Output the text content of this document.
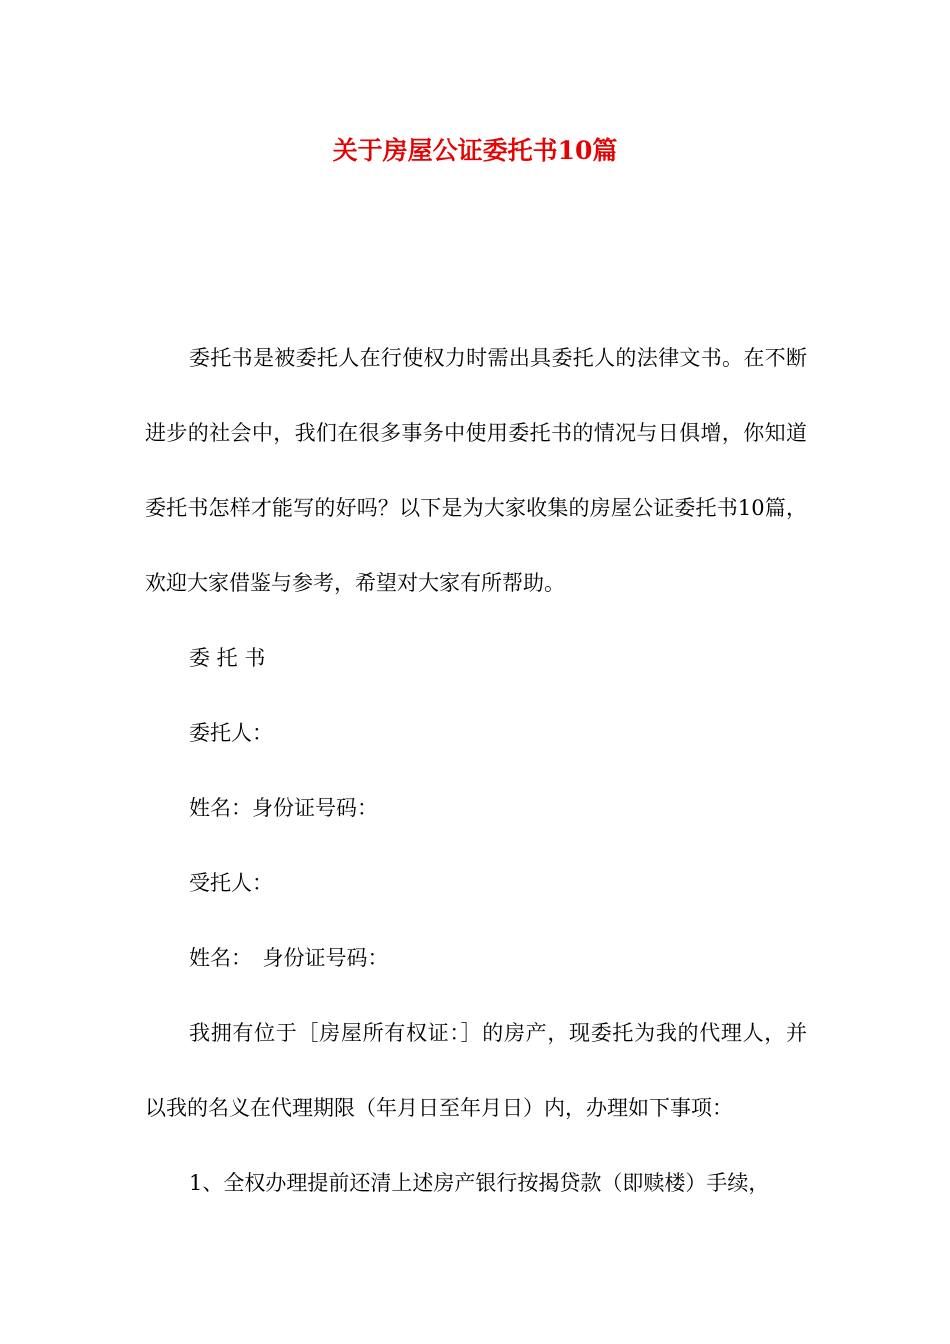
关于房屋公证委托书10篇

委托书是被委托人在行使权力时需出具委托人的法律文书。在不断进步的社会中，我们在很多事务中使用委托书的情况与日俱增，你知道委托书怎样才能写的好吗？以下是为大家收集的房屋公证委托书10篇，欢迎大家借鉴与参考，希望对大家有所帮助。

委 托 书

委托人：

姓名：身份证号码：

受托人：

姓名：　身份证号码：

我拥有位于［房屋所有权证：］的房产，现委托为我的代理人，并以我的名义在代理期限（年月日至年月日）内，办理如下事项：

1、全权办理提前还清上述房产银行按揭贷款（即赎楼）手续，
